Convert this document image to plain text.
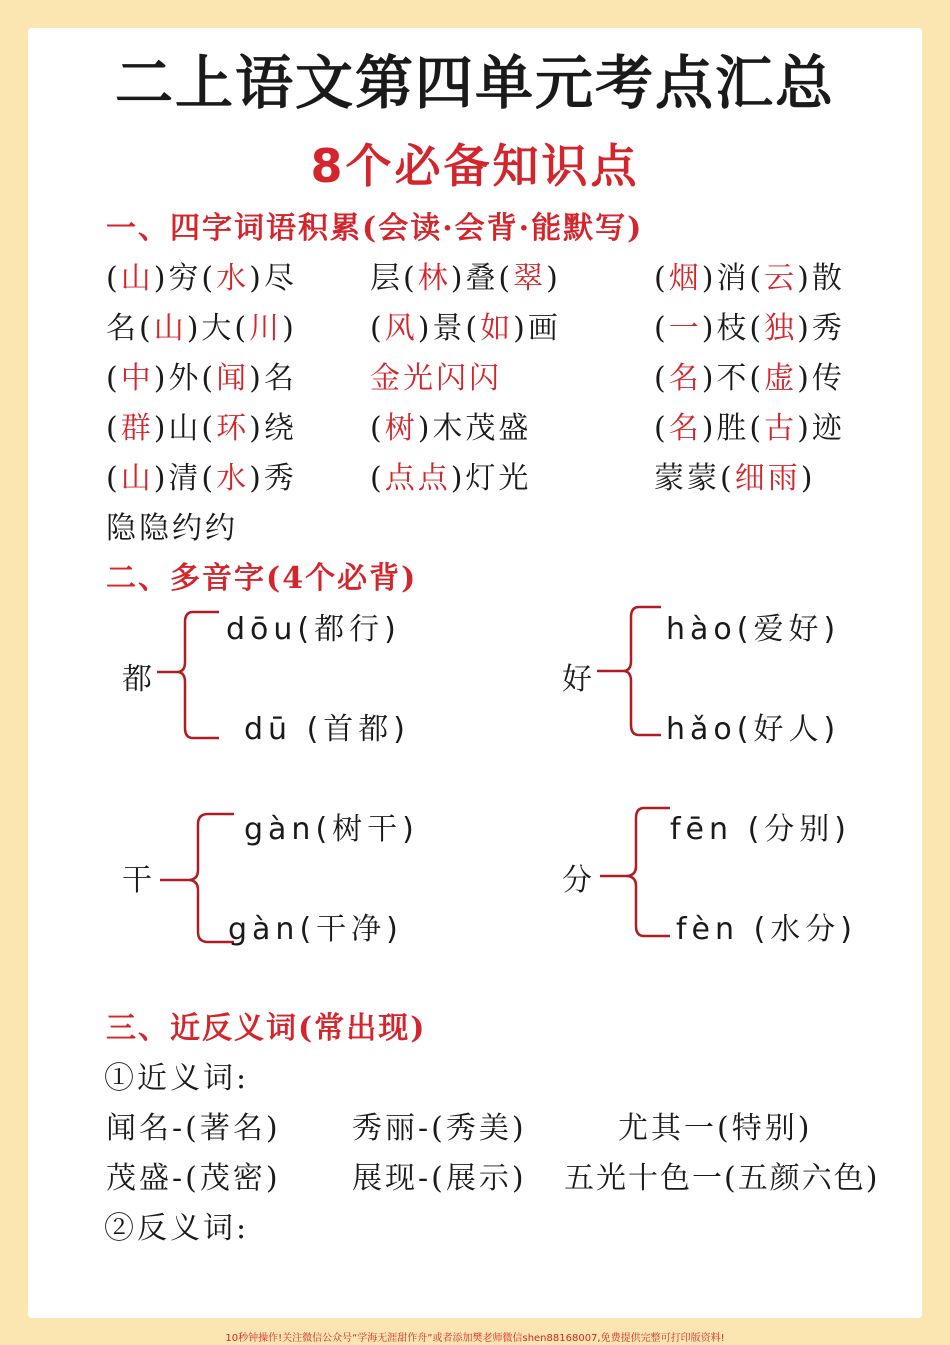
二上语文第四单元考点汇总
8个必备知识点
一、四字词语积累(会读·会背·能默写)
(山)穷(水)尽 层(林)叠(翠)	(烟)消(云)散
名(山)大(川) (风)景(如)画	(一)枝(独)秀
(中)外(闻)名 金光闪闪	(名)不(虚)传
(群)山(环)绕 (树)木茂盛	(名)胜(古)迹
(山)清(水)秀 (点点)灯光	蒙蒙(细雨)
隐隐约约
二、多音字(4个必背)
都
dōu(都行)
dū (首都)
好
hào(爱好)
hǎo(好人)
干
gàn(树干)
gàn(干净)
分
fēn (分别)
fèn (水分)
三、近反义词(常出现)
①近义词:
闻名-(著名) 秀丽-(秀美)	尤其一(特别)
茂盛-(茂密) 展现-(展示) 五光十色一(五颜六色)
②反义词:
10秒钟操作!关注微信公众号“学海无涯甜作舟”或者添加樊老师微信shen88168007,免费提供完整可打印版资料!
